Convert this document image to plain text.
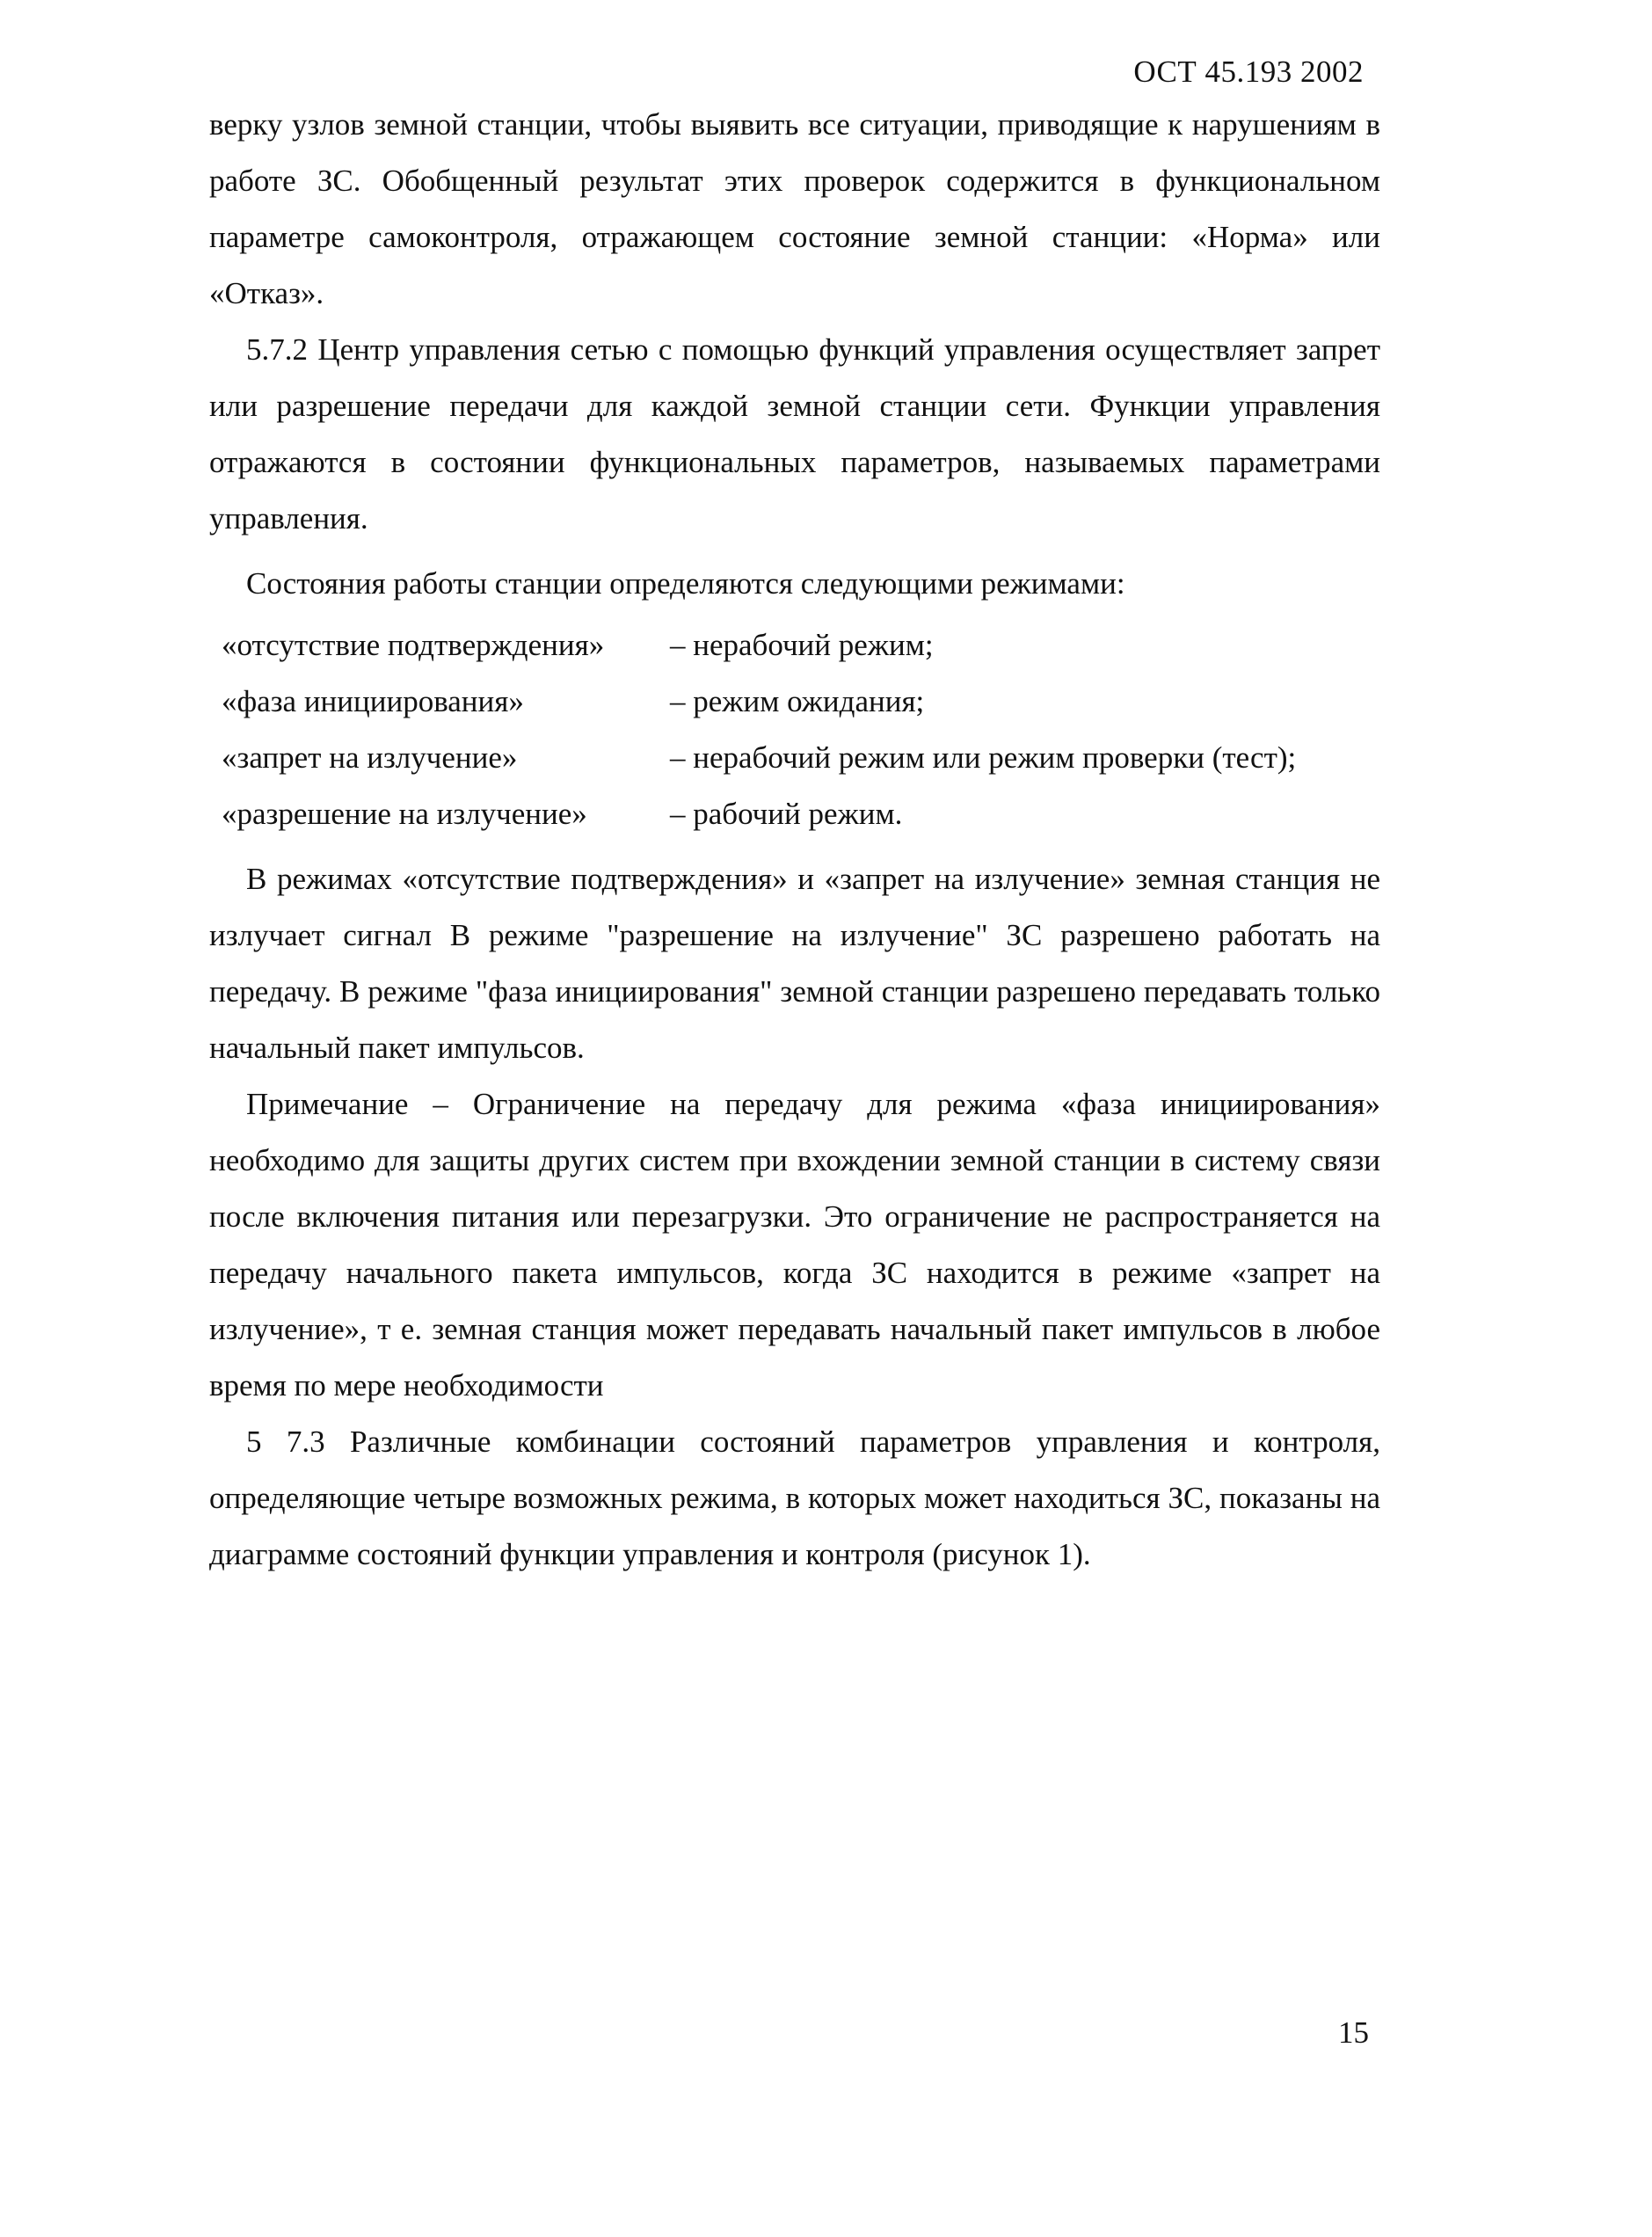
ОСТ 45.193 2002

верку узлов земной станции, чтобы выявить все ситуации, приводящие к нарушениям в работе ЗС. Обобщенный результат этих проверок содержится в функциональном параметре самоконтроля, отражающем состояние земной станции: «Норма» или «Отказ».

5.7.2 Центр управления сетью с помощью функций управления осуществляет запрет или разрешение передачи для каждой земной станции сети. Функции управления отражаются в состоянии функциональных параметров, называемых параметрами управления.

Состояния работы станции определяются следующими режимами:

«отсутствие подтверждения»	– нерабочий режим;
«фаза инициирования»	– режим ожидания;
«запрет на излучение»	– нерабочий режим или режим проверки (тест);
«разрешение на излучение»	– рабочий режим.

В режимах «отсутствие подтверждения» и «запрет на излучение» земная станция не излучает сигнал В режиме "разрешение на излучение" ЗС разрешено работать на передачу. В режиме "фаза инициирования" земной станции разрешено передавать только начальный пакет импульсов.

Примечание – Ограничение на передачу для режима «фаза инициирования» необходимо для защиты других систем при вхождении земной станции в систему связи после включения питания или перезагрузки. Это ограничение не распространяется на передачу начального пакета импульсов, когда ЗС находится в режиме «запрет на излучение», т е. земная станция может передавать начальный пакет импульсов в любое время по мере необходимости

5 7.3 Различные комбинации состояний параметров управления и контроля, определяющие четыре возможных режима, в которых может находиться ЗС, показаны на диаграмме состояний функции управления и контроля (рисунок 1).

15
